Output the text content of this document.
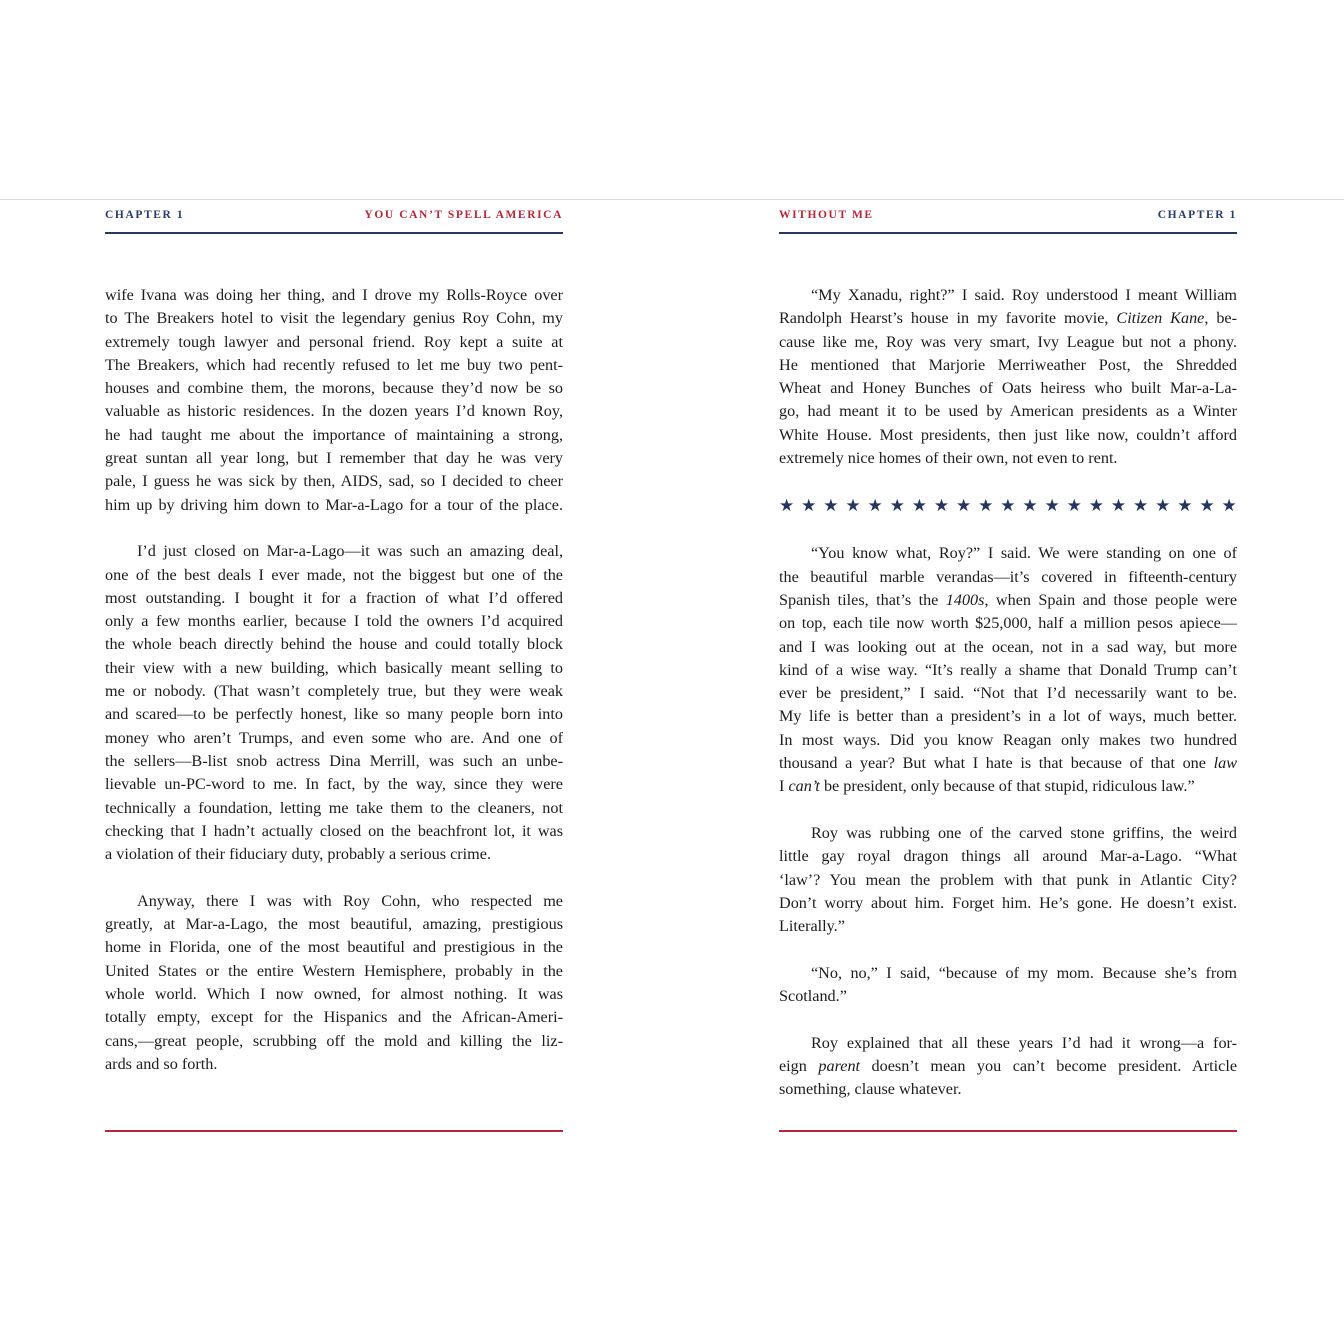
CHAPTER 1	YOU CAN’T SPELL AMERICA
wife Ivana was doing her thing, and I drove my Rolls-Royce over
to The Breakers hotel to visit the legendary genius Roy Cohn, my
extremely tough lawyer and personal friend. Roy kept a suite at
The Breakers, which had recently refused to let me buy two pent-
houses and combine them, the morons, because they’d now be so
valuable as historic residences. In the dozen years I’d known Roy,
he had taught me about the importance of maintaining a strong,
great suntan all year long, but I remember that day he was very
pale, I guess he was sick by then, AIDS, sad, so I decided to cheer
him up by driving him down to Mar-a-Lago for a tour of the place.
I’d just closed on Mar-a-Lago—it was such an amazing deal,
one of the best deals I ever made, not the biggest but one of the
most outstanding. I bought it for a fraction of what I’d offered
only a few months earlier, because I told the owners I’d acquired
the whole beach directly behind the house and could totally block
their view with a new building, which basically meant selling to
me or nobody. (That wasn’t completely true, but they were weak
and scared—to be perfectly honest, like so many people born into
money who aren’t Trumps, and even some who are. And one of
the sellers—B-list snob actress Dina Merrill, was such an unbe-
lievable un-PC-word to me. In fact, by the way, since they were
technically a foundation, letting me take them to the cleaners, not
checking that I hadn’t actually closed on the beachfront lot, it was
a violation of their fiduciary duty, probably a serious crime.
Anyway, there I was with Roy Cohn, who respected me
greatly, at Mar-a-Lago, the most beautiful, amazing, prestigious
home in Florida, one of the most beautiful and prestigious in the
United States or the entire Western Hemisphere, probably in the
whole world. Which I now owned, for almost nothing. It was
totally empty, except for the Hispanics and the African-Ameri-
cans,—great people, scrubbing off the mold and killing the liz-
ards and so forth.
WITHOUT ME	CHAPTER 1
“My Xanadu, right?” I said. Roy understood I meant William
Randolph Hearst’s house in my favorite movie, Citizen Kane, be-
cause like me, Roy was very smart, Ivy League but not a phony.
He mentioned that Marjorie Merriweather Post, the Shredded
Wheat and Honey Bunches of Oats heiress who built Mar-a-La-
go, had meant it to be used by American presidents as a Winter
White House. Most presidents, then just like now, couldn’t afford
extremely nice homes of their own, not even to rent.
★ ★ ★ ★ ★ ★ ★ ★ ★ ★ ★ ★ ★ ★ ★ ★ ★ ★ ★ ★ ★
“You know what, Roy?” I said. We were standing on one of
the beautiful marble verandas—it’s covered in fifteenth-century
Spanish tiles, that’s the 1400s, when Spain and those people were
on top, each tile now worth $25,000, half a million pesos apiece—
and I was looking out at the ocean, not in a sad way, but more
kind of a wise way. “It’s really a shame that Donald Trump can’t
ever be president,” I said. “Not that I’d necessarily want to be.
My life is better than a president’s in a lot of ways, much better.
In most ways. Did you know Reagan only makes two hundred
thousand a year? But what I hate is that because of that one law
I can’t be president, only because of that stupid, ridiculous law.”
Roy was rubbing one of the carved stone griffins, the weird
little gay royal dragon things all around Mar-a-Lago. “What
‘law’? You mean the problem with that punk in Atlantic City?
Don’t worry about him. Forget him. He’s gone. He doesn’t exist.
Literally.”
“No, no,” I said, “because of my mom. Because she’s from
Scotland.”
Roy explained that all these years I’d had it wrong—a for-
eign parent doesn’t mean you can’t become president. Article
something, clause whatever.
